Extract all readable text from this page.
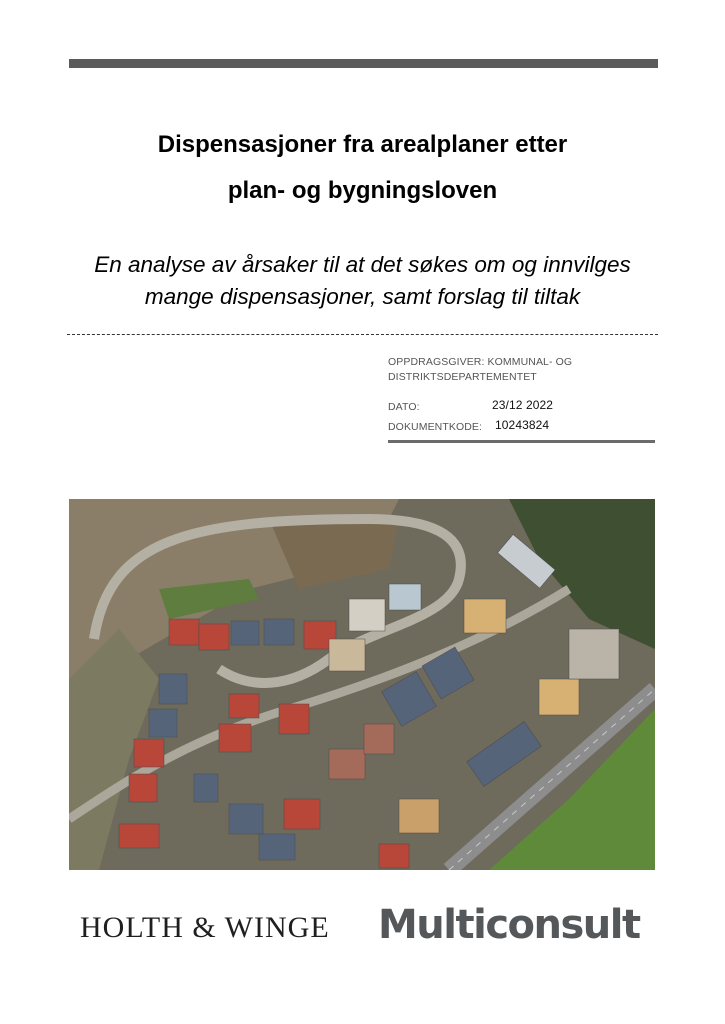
Dispensasjoner fra arealplaner etter
plan- og bygningsloven
En analyse av årsaker til at det søkes om og innvilges
mange dispensasjoner, samt forslag til tiltak
OPPDRAGSGIVER: KOMMUNAL- OG
DISTRIKTSDEPARTEMENTET
DATO:	23/12 2022
DOKUMENTKODE: 10243824
HOLTH & WINGE	Multiconsult
